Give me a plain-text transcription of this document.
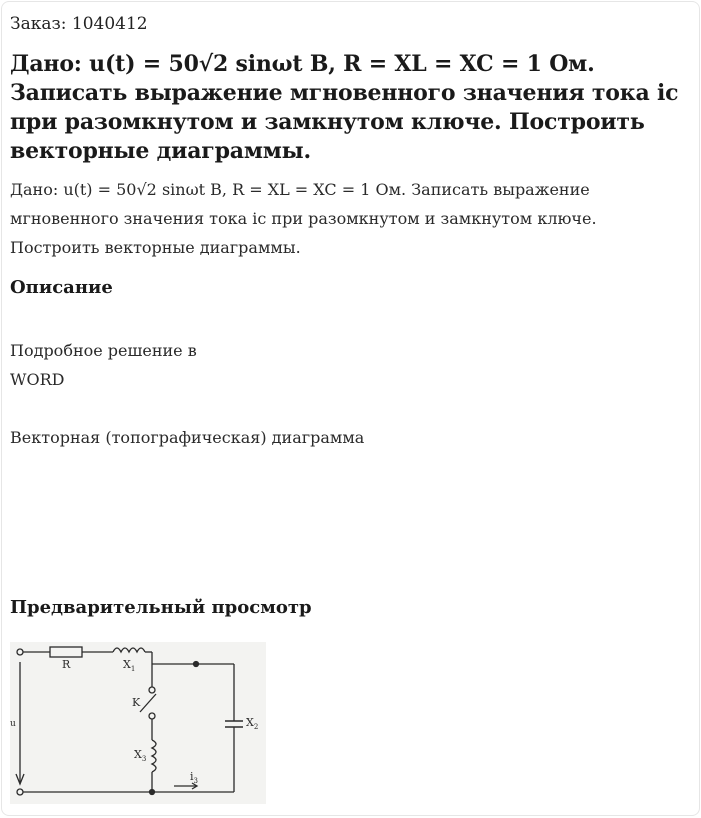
Заказ: 1040412
Дано: u(t) = 50√2 sinωt В, R = XL = XC = 1 Ом. Записать выражение мгновенного значения тока ic при разомкнутом и замкнутом ключе. Построить векторные диаграммы.

Дано: u(t) = 50√2 sinωt В, R = XL = XC = 1 Ом. Записать выражение мгновенного значения тока ic при разомкнутом и замкнутом ключе. Построить векторные диаграммы.

Описание
Подробное решение в
WORD
Векторная (топографическая) диаграмма
Предварительный просмотр
R	$X_1$
K
$X_3$
$X_2$
u
$i_3$
